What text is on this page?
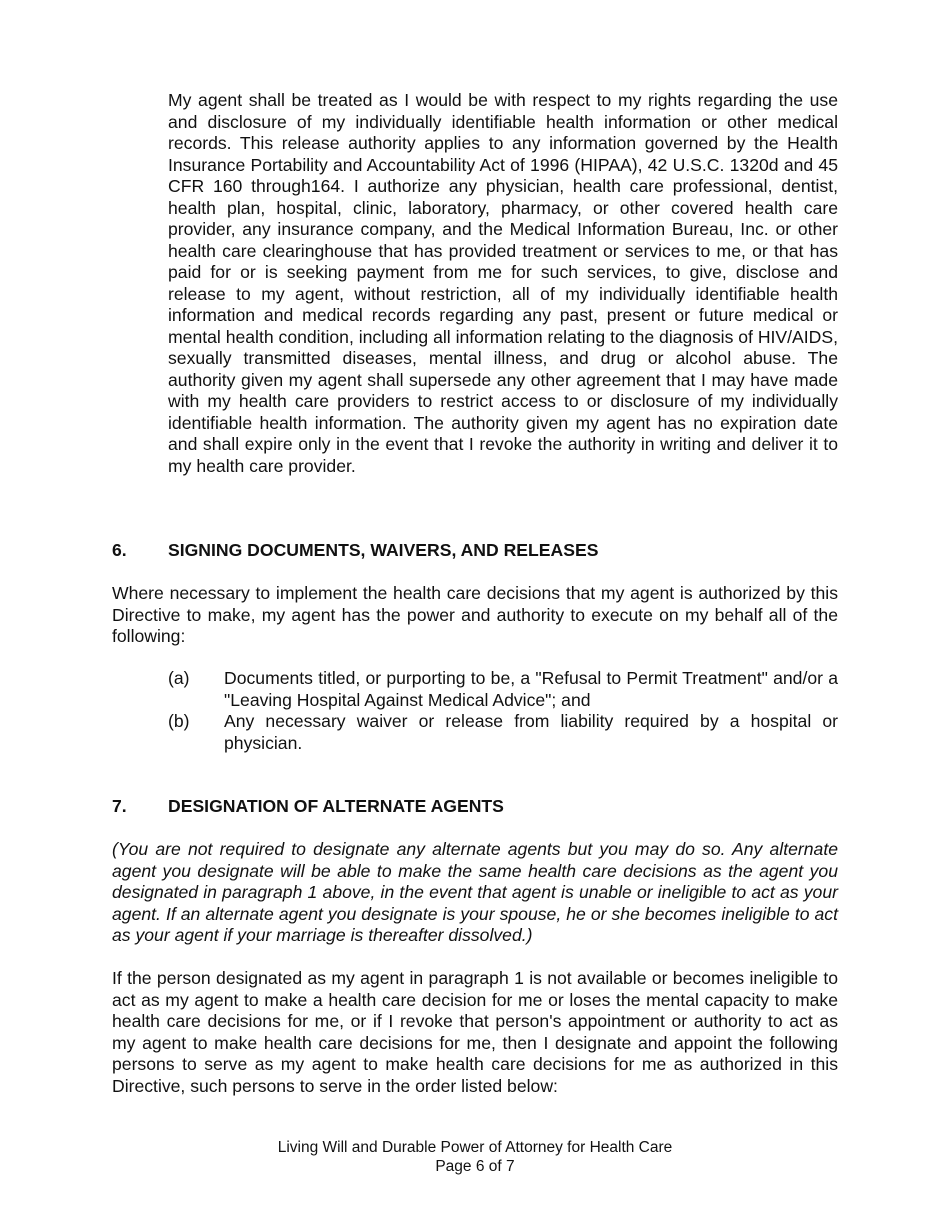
My agent shall be treated as I would be with respect to my rights regarding the use and disclosure of my individually identifiable health information or other medical records. This release authority applies to any information governed by the Health Insurance Portability and Accountability Act of 1996 (HIPAA), 42 U.S.C. 1320d and 45 CFR 160 through164. I authorize any physician, health care professional, dentist, health plan, hospital, clinic, laboratory, pharmacy, or other covered health care provider, any insurance company, and the Medical Information Bureau, Inc. or other health care clearinghouse that has provided treatment or services to me, or that has paid for or is seeking payment from me for such services, to give, disclose and release to my agent, without restriction, all of my individually identifiable health information and medical records regarding any past, present or future medical or mental health condition, including all information relating to the diagnosis of HIV/AIDS, sexually transmitted diseases, mental illness, and drug or alcohol abuse. The authority given my agent shall supersede any other agreement that I may have made with my health care providers to restrict access to or disclosure of my individually identifiable health information. The authority given my agent has no expiration date and shall expire only in the event that I revoke the authority in writing and deliver it to my health care provider.

6. SIGNING DOCUMENTS, WAIVERS, AND RELEASES

Where necessary to implement the health care decisions that my agent is authorized by this Directive to make, my agent has the power and authority to execute on my behalf all of the following:

(a)	Documents titled, or purporting to be, a "Refusal to Permit Treatment" and/or a "Leaving Hospital Against Medical Advice"; and
(b)	Any necessary waiver or release from liability required by a hospital or physician.
7. DESIGNATION OF ALTERNATE AGENTS

(You are not required to designate any alternate agents but you may do so. Any alternate agent you designate will be able to make the same health care decisions as the agent you designated in paragraph 1 above, in the event that agent is unable or ineligible to act as your agent. If an alternate agent you designate is your spouse, he or she becomes ineligible to act as your agent if your marriage is thereafter dissolved.)

If the person designated as my agent in paragraph 1 is not available or becomes ineligible to act as my agent to make a health care decision for me or loses the mental capacity to make health care decisions for me, or if I revoke that person's appointment or authority to act as my agent to make health care decisions for me, then I designate and appoint the following persons to serve as my agent to make health care decisions for me as authorized in this Directive, such persons to serve in the order listed below:

Living Will and Durable Power of Attorney for Health Care
Page 6 of 7
